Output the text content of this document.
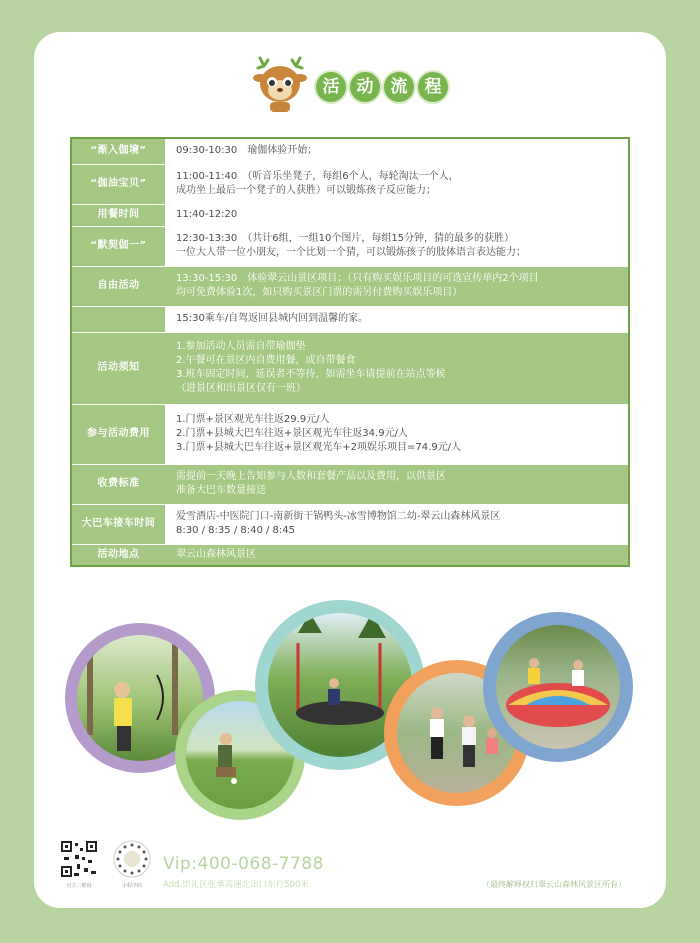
活	动	流	程
“渐入伽境”	09:30-10:30　瑜伽体验开始；

“伽油宝贝”	11:00-11:40　（听音乐坐凳子，每组6个人，每轮淘汰一个人，
成功坐上最后一个凳子的人获胜）可以锻炼孩子反应能力；

用餐时间	11:40-12:20

“默契伽一”	12:30-13:30　（共计6组，一组10个图片，每组15分钟，猜的最多的获胜）
一位大人带一位小朋友，一个比划一个猜，可以锻炼孩子的肢体语言表达能力；

自由活动	13:30-15:30　体验翠云山景区项目；（只有购买娱乐项目的可选宣传单内2个项目
均可免费体验1次，如只购买景区门票的需另付费购买娱乐项目）

	15:30乘车/自驾返回县城内回到温馨的家。

活动须知	1.参加活动人员需自带瑜伽垫
2.午餐可在景区内自费用餐，或自带餐食
3.班车固定时间，延误者不等待，如需坐车请提前在站点等候
（进景区和出景区仅有一班）

参与活动费用	1.门票+景区观光车往返29.9元/人
2.门票+县城大巴车往返+景区观光车往返34.9元/人
3.门票+县城大巴车往返+景区观光车+2项娱乐项目=74.9元/人

收费标准	需提前一天晚上告知参与人数和套餐产品以及费用，以供景区
准备大巴车数量接送

大巴车接车时间	爱雪酒店-中医院门口-南新街干锅鸭头-冰雪博物馆二幼-翠云山森林风景区
8:30 / 8:35 / 8:40 / 8:45

活动地点	翠云山森林风景区
官方二维码	小程序码
Vip:400-068-7788
Add.崇礼区张承高速北出口东行500米	（最终解释权归翠云山森林风景区所有）
